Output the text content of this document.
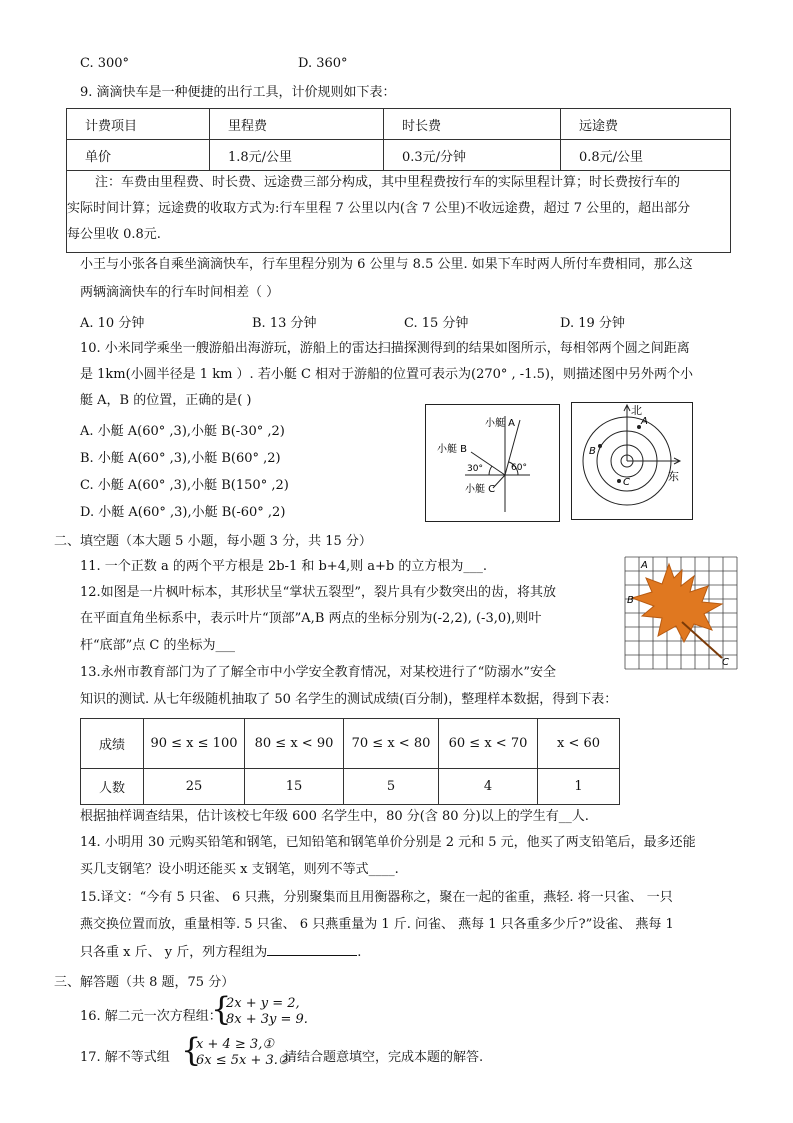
C. 300°	D. 360°
9. 滴滴快车是一种便捷的出行工具，计价规则如下表：
计费项目	里程费	时长费	远途费
单价	1.8元/公里	0.3元/分钟	0.8元/公里
注：车费由里程费、时长费、远途费三部分构成，其中里程费按行车的实际里程计算；时长费按行车的
实际时间计算；远途费的收取方式为:行车里程 7 公里以内(含 7 公里)不收远途费，超过 7 公里的，超出部分
每公里收 0.8元.
小王与小张各自乘坐滴滴快车，行车里程分别为 6 公里与 8.5 公里. 如果下车时两人所付车费相同，那么这
两辆滴滴快车的行车时间相差（ ）
A. 10 分钟	B. 13 分钟	C. 15 分钟	D. 19 分钟
10. 小米同学乘坐一艘游船出海游玩，游船上的雷达扫描探测得到的结果如图所示，每相邻两个圆之间距离
是 1km(小圆半径是 1 km ）. 若小艇 C 相对于游船的位置可表示为(270° , -1.5)，则描述图中另外两个小
艇 A，B 的位置，正确的是( )
A. 小艇 A(60° ,3),小艇 B(-30° ,2)
B. 小艇 A(60° ,3),小艇 B(60° ,2)
C. 小艇 A(60° ,3),小艇 B(150° ,2)
D. 小艇 A(60° ,3),小艇 B(-60° ,2)
小艇 A
小艇 B
小艇 C
30°	60°
北
东
A
B
C
二、填空题（本大题 5 小题，每小题 3 分，共 15 分）
11. 一个正数 a 的两个平方根是 2b-1 和 b+4,则 a+b 的立方根为___.
12.如图是一片枫叶标本，其形状呈“掌状五裂型”，裂片具有少数突出的齿，将其放
在平面直角坐标系中，表示叶片“顶部”A,B 两点的坐标分别为(-2,2), (-3,0),则叶
杆“底部”点 C 的坐标为___
A
B
C
13.永州市教育部门为了了解全市中小学安全教育情况，对某校进行了“防溺水”安全
知识的测试. 从七年级随机抽取了 50 名学生的测试成绩(百分制)，整理样本数据，得到下表：
成绩	90 ≤ x ≤ 100	80 ≤ x < 90	70 ≤ x < 80	60 ≤ x < 70	x < 60
人数	25	15	5	4	1
根据抽样调查结果，估计该校七年级 600 名学生中，80 分(含 80 分)以上的学生有__人.
14. 小明用 30 元购买铅笔和钢笔，已知铅笔和钢笔单价分别是 2 元和 5 元，他买了两支铅笔后，最多还能
买几支钢笔？设小明还能买 x 支钢笔，则列不等式____.
15.译文：“今有 5 只雀、 6 只燕，分别聚集而且用衡器称之，聚在一起的雀重，燕轻. 将一只雀、 一只
燕交换位置而放，重量相等. 5 只雀、 6 只燕重量为 1 斤. 问雀、 燕每 1 只各重多少斤?”设雀、 燕每 1
只各重 x 斤、 y 斤，列方程组为	.
三、解答题（共 8 题，75 分）
16. 解二元一次方程组：
{
2x + y = 2,
8x + 3y = 9.
17. 解不等式组 {
x + 4 ≥ 3,①
6x ≤ 5x + 3.②
请结合题意填空，完成本题的解答.
